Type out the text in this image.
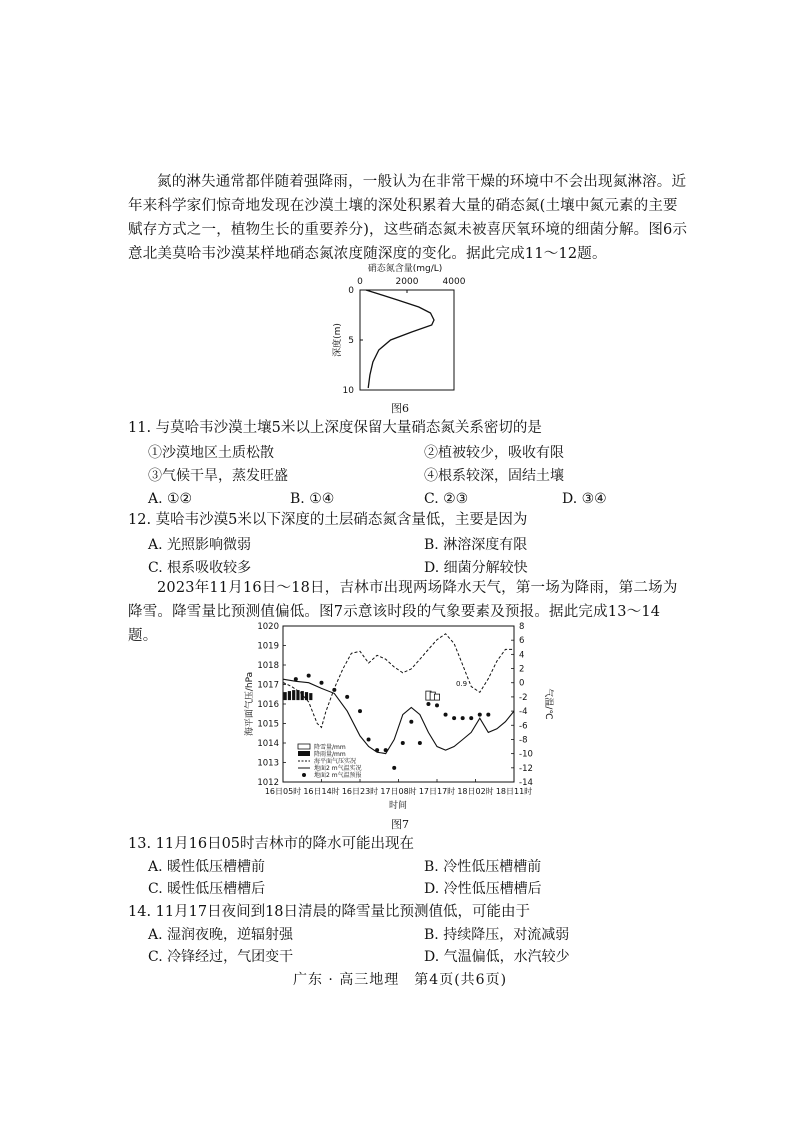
氮的淋失通常都伴随着强降雨，一般认为在非常干燥的环境中不会出现氮淋溶。近年来科学家们惊奇地发现在沙漠土壤的深处积累着大量的硝态氮(土壤中氮元素的主要赋存方式之一，植物生长的重要养分)，这些硝态氮未被喜厌氧环境的细菌分解。图6示意北美莫哈韦沙漠某样地硝态氮浓度随深度的变化。据此完成11～12题。

硝态氮含量(mg/L)
0	2000	4000
0
5
10
深度(m)
图6

11. 与莫哈韦沙漠土壤5米以上深度保留大量硝态氮关系密切的是

①沙漠地区土质松散	②植被较少，吸收有限
③气候干旱，蒸发旺盛	④根系较深，固结土壤
A. ①②	B. ①④	C. ②③	D. ③④

12. 莫哈韦沙漠5米以下深度的土层硝态氮含量低，主要是因为

A. 光照影响微弱	B. 淋溶深度有限
C. 根系吸收较多	D. 细菌分解较快

2023年11月16日～18日，吉林市出现两场降水天气，第一场为降雨，第二场为降雪。降雪量比预测值偏低。图7示意该时段的气象要素及预报。据此完成13～14题。

1012
1013
1014
1015
1016
1017
1018
1019
1020
-14
-12
-10
-8
-6
-4
-2
0
2
4
6
8
16日05时 16日14时 16日23时 17日08时 17日17时 18日02时 18日11时
海平面气压/hPa	气温/℃
0.9
降雪量/mm
降雨量/mm
海平面气压实况
地面2 m气温实况
地面2 m气温预报
时间
图7

13. 11月16日05时吉林市的降水可能出现在

A. 暖性低压槽槽前	B. 冷性低压槽槽前
C. 暖性低压槽槽后	D. 冷性低压槽槽后

14. 11月17日夜间到18日清晨的降雪量比预测值低，可能由于

A. 湿润夜晚，逆辐射强	B. 持续降压，对流减弱
C. 冷锋经过，气团变干	D. 气温偏低，水汽较少
广东 · 高三地理　第4页(共6页)
